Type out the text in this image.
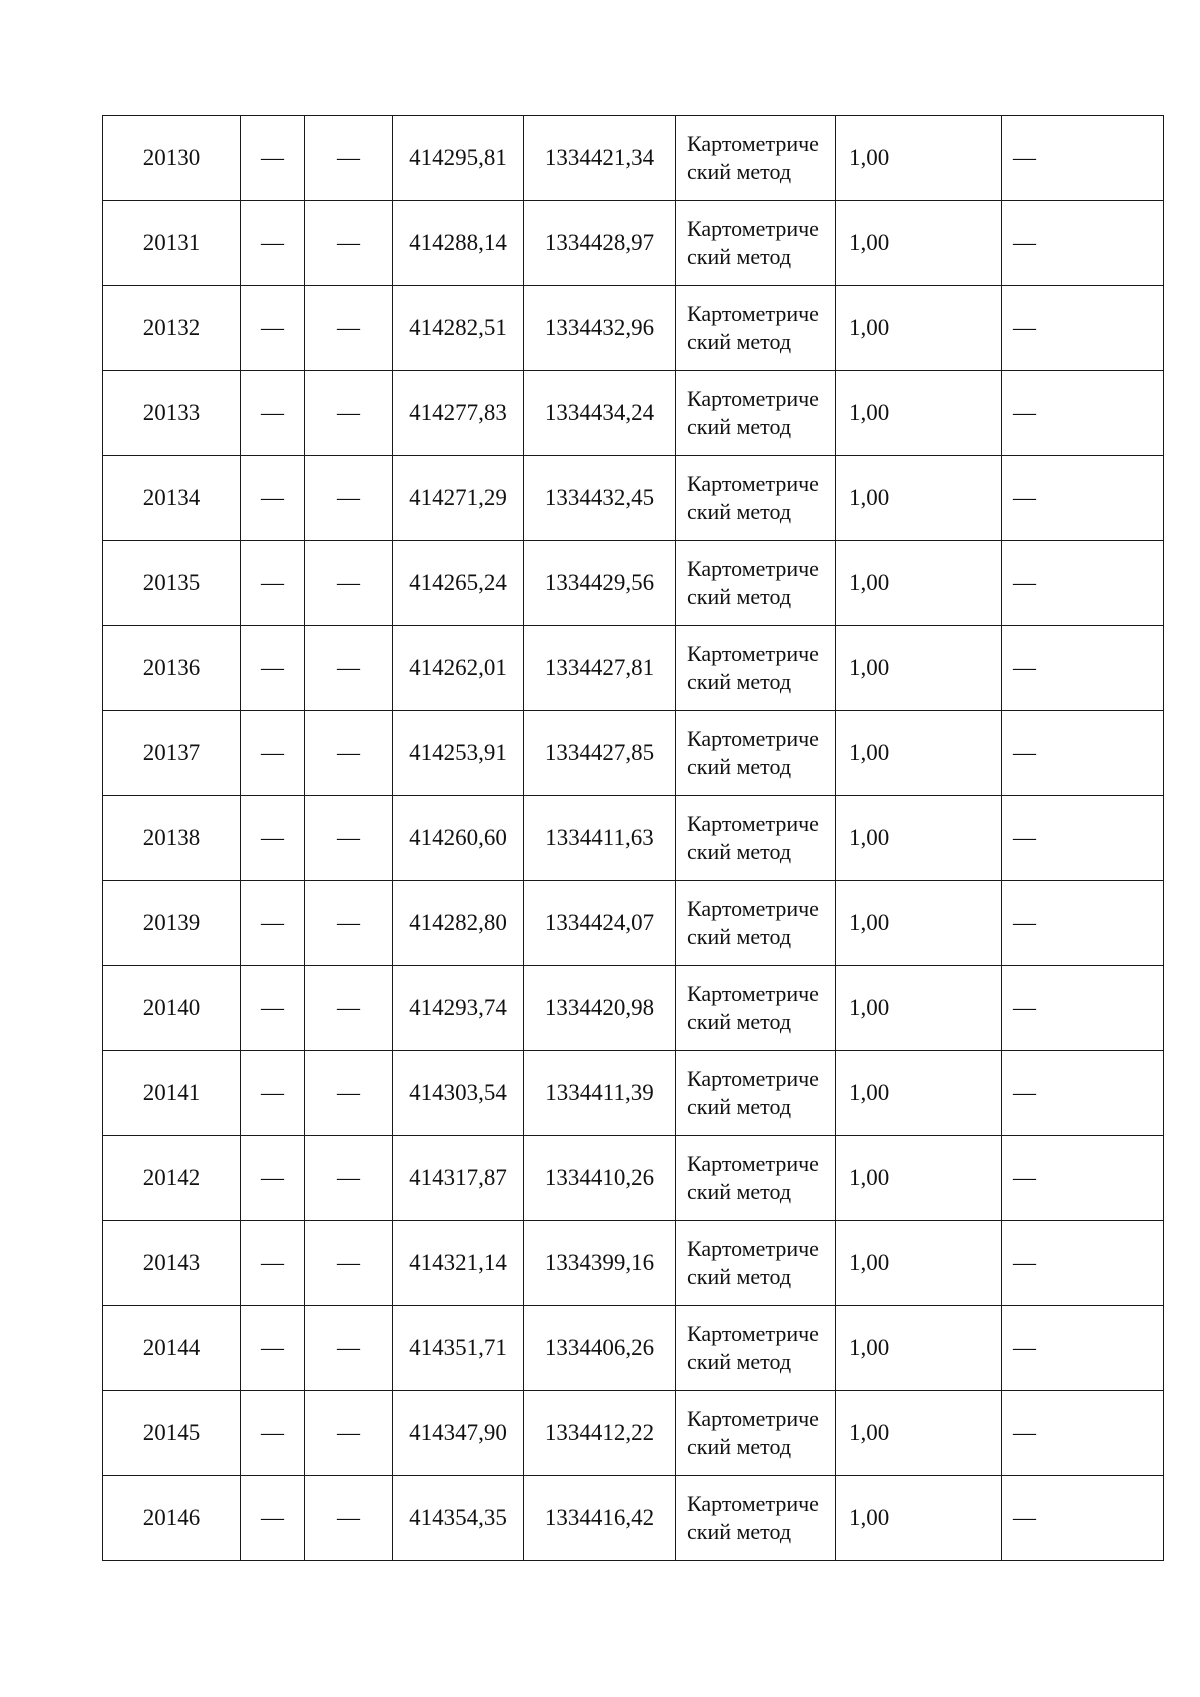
20130	—	—	414295,81	1334421,34	Картометрический метод	1,00	—
20131	—	—	414288,14	1334428,97	Картометрический метод	1,00	—
20132	—	—	414282,51	1334432,96	Картометрический метод	1,00	—
20133	—	—	414277,83	1334434,24	Картометрический метод	1,00	—
20134	—	—	414271,29	1334432,45	Картометрический метод	1,00	—
20135	—	—	414265,24	1334429,56	Картометрический метод	1,00	—
20136	—	—	414262,01	1334427,81	Картометрический метод	1,00	—
20137	—	—	414253,91	1334427,85	Картометрический метод	1,00	—
20138	—	—	414260,60	1334411,63	Картометрический метод	1,00	—
20139	—	—	414282,80	1334424,07	Картометрический метод	1,00	—
20140	—	—	414293,74	1334420,98	Картометрический метод	1,00	—
20141	—	—	414303,54	1334411,39	Картометрический метод	1,00	—
20142	—	—	414317,87	1334410,26	Картометрический метод	1,00	—
20143	—	—	414321,14	1334399,16	Картометрический метод	1,00	—
20144	—	—	414351,71	1334406,26	Картометрический метод	1,00	—
20145	—	—	414347,90	1334412,22	Картометрический метод	1,00	—
20146	—	—	414354,35	1334416,42	Картометрический метод	1,00	—
